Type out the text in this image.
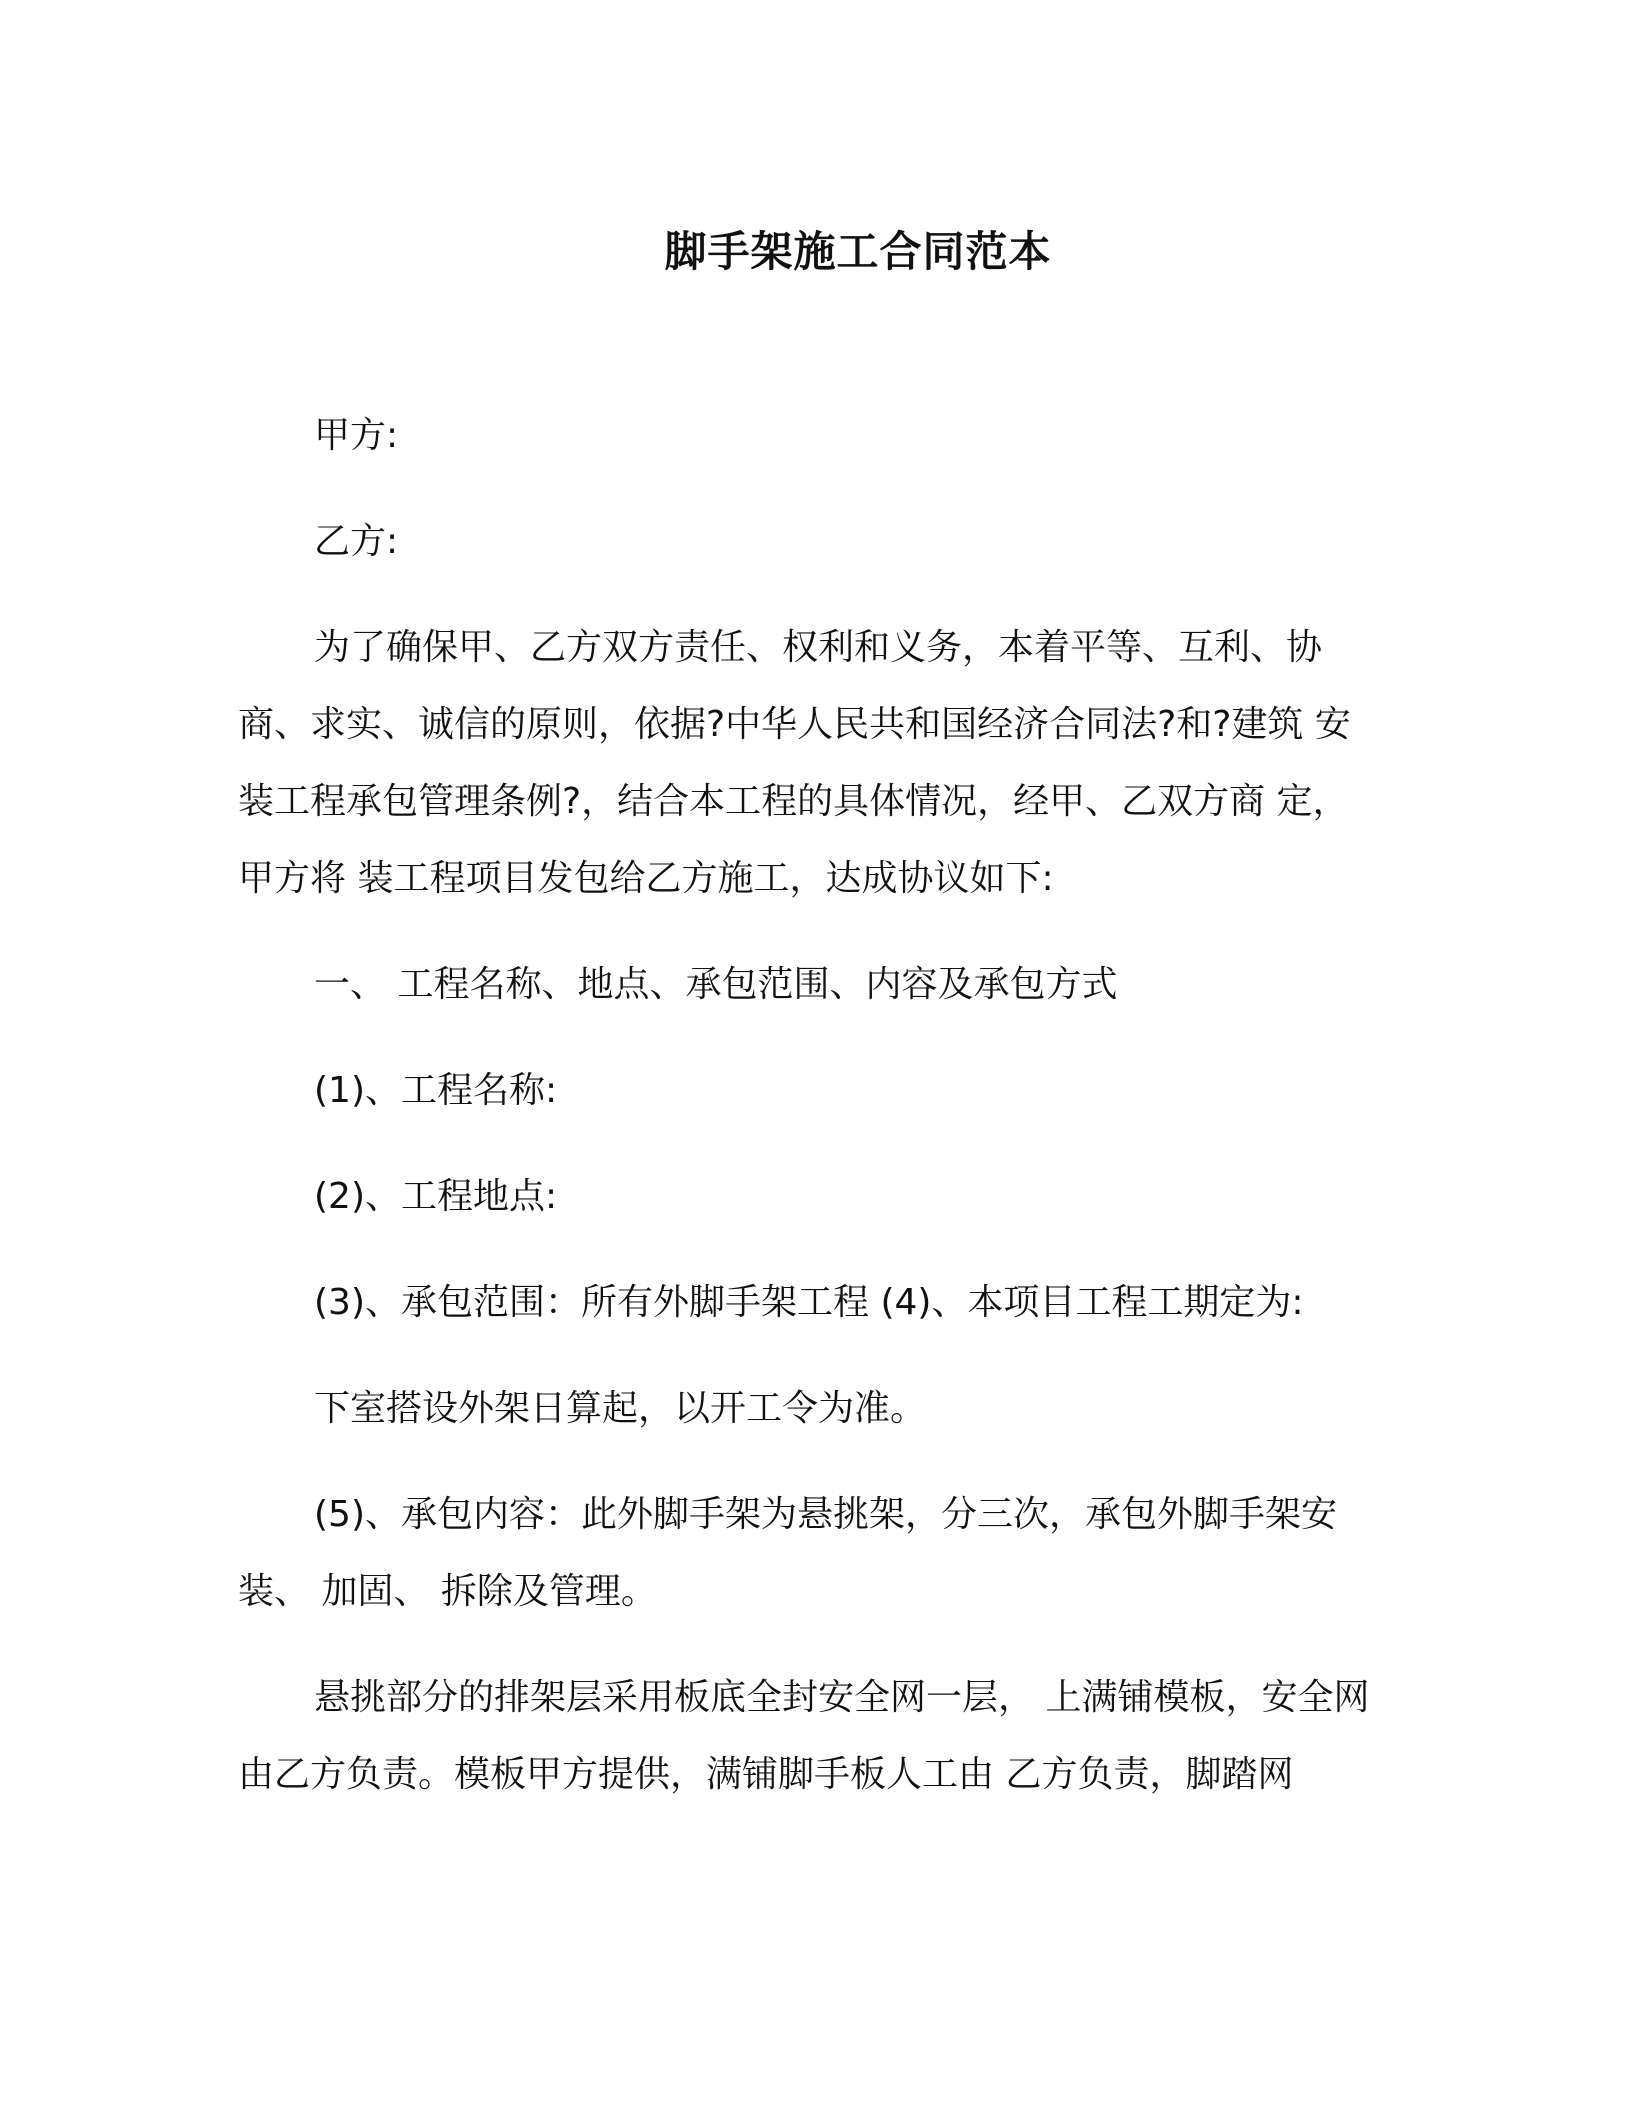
脚手架施工合同范本

甲方:

乙方:

为了确保甲、乙方双方责任、权利和义务，本着平等、互利、协商、求实、诚信的原则，依据?中华人民共和国经济合同法?和?建筑 安装工程承包管理条例?，结合本工程的具体情况，经甲、乙双方商 定，甲方将 装工程项目发包给乙方施工，达成协议如下:

一、 工程名称、地点、承包范围、内容及承包方式

(1)、工程名称:

(2)、工程地点:

(3)、承包范围：所有外脚手架工程 (4)、本项目工程工期定为:

下室搭设外架日算起，以开工令为准。

(5)、承包内容：此外脚手架为悬挑架，分三次，承包外脚手架安装、 加固、 拆除及管理。

悬挑部分的排架层采用板底全封安全网一层， 上满铺模板，安全网由乙方负责。模板甲方提供，满铺脚手板人工由 乙方负责，脚踏网
